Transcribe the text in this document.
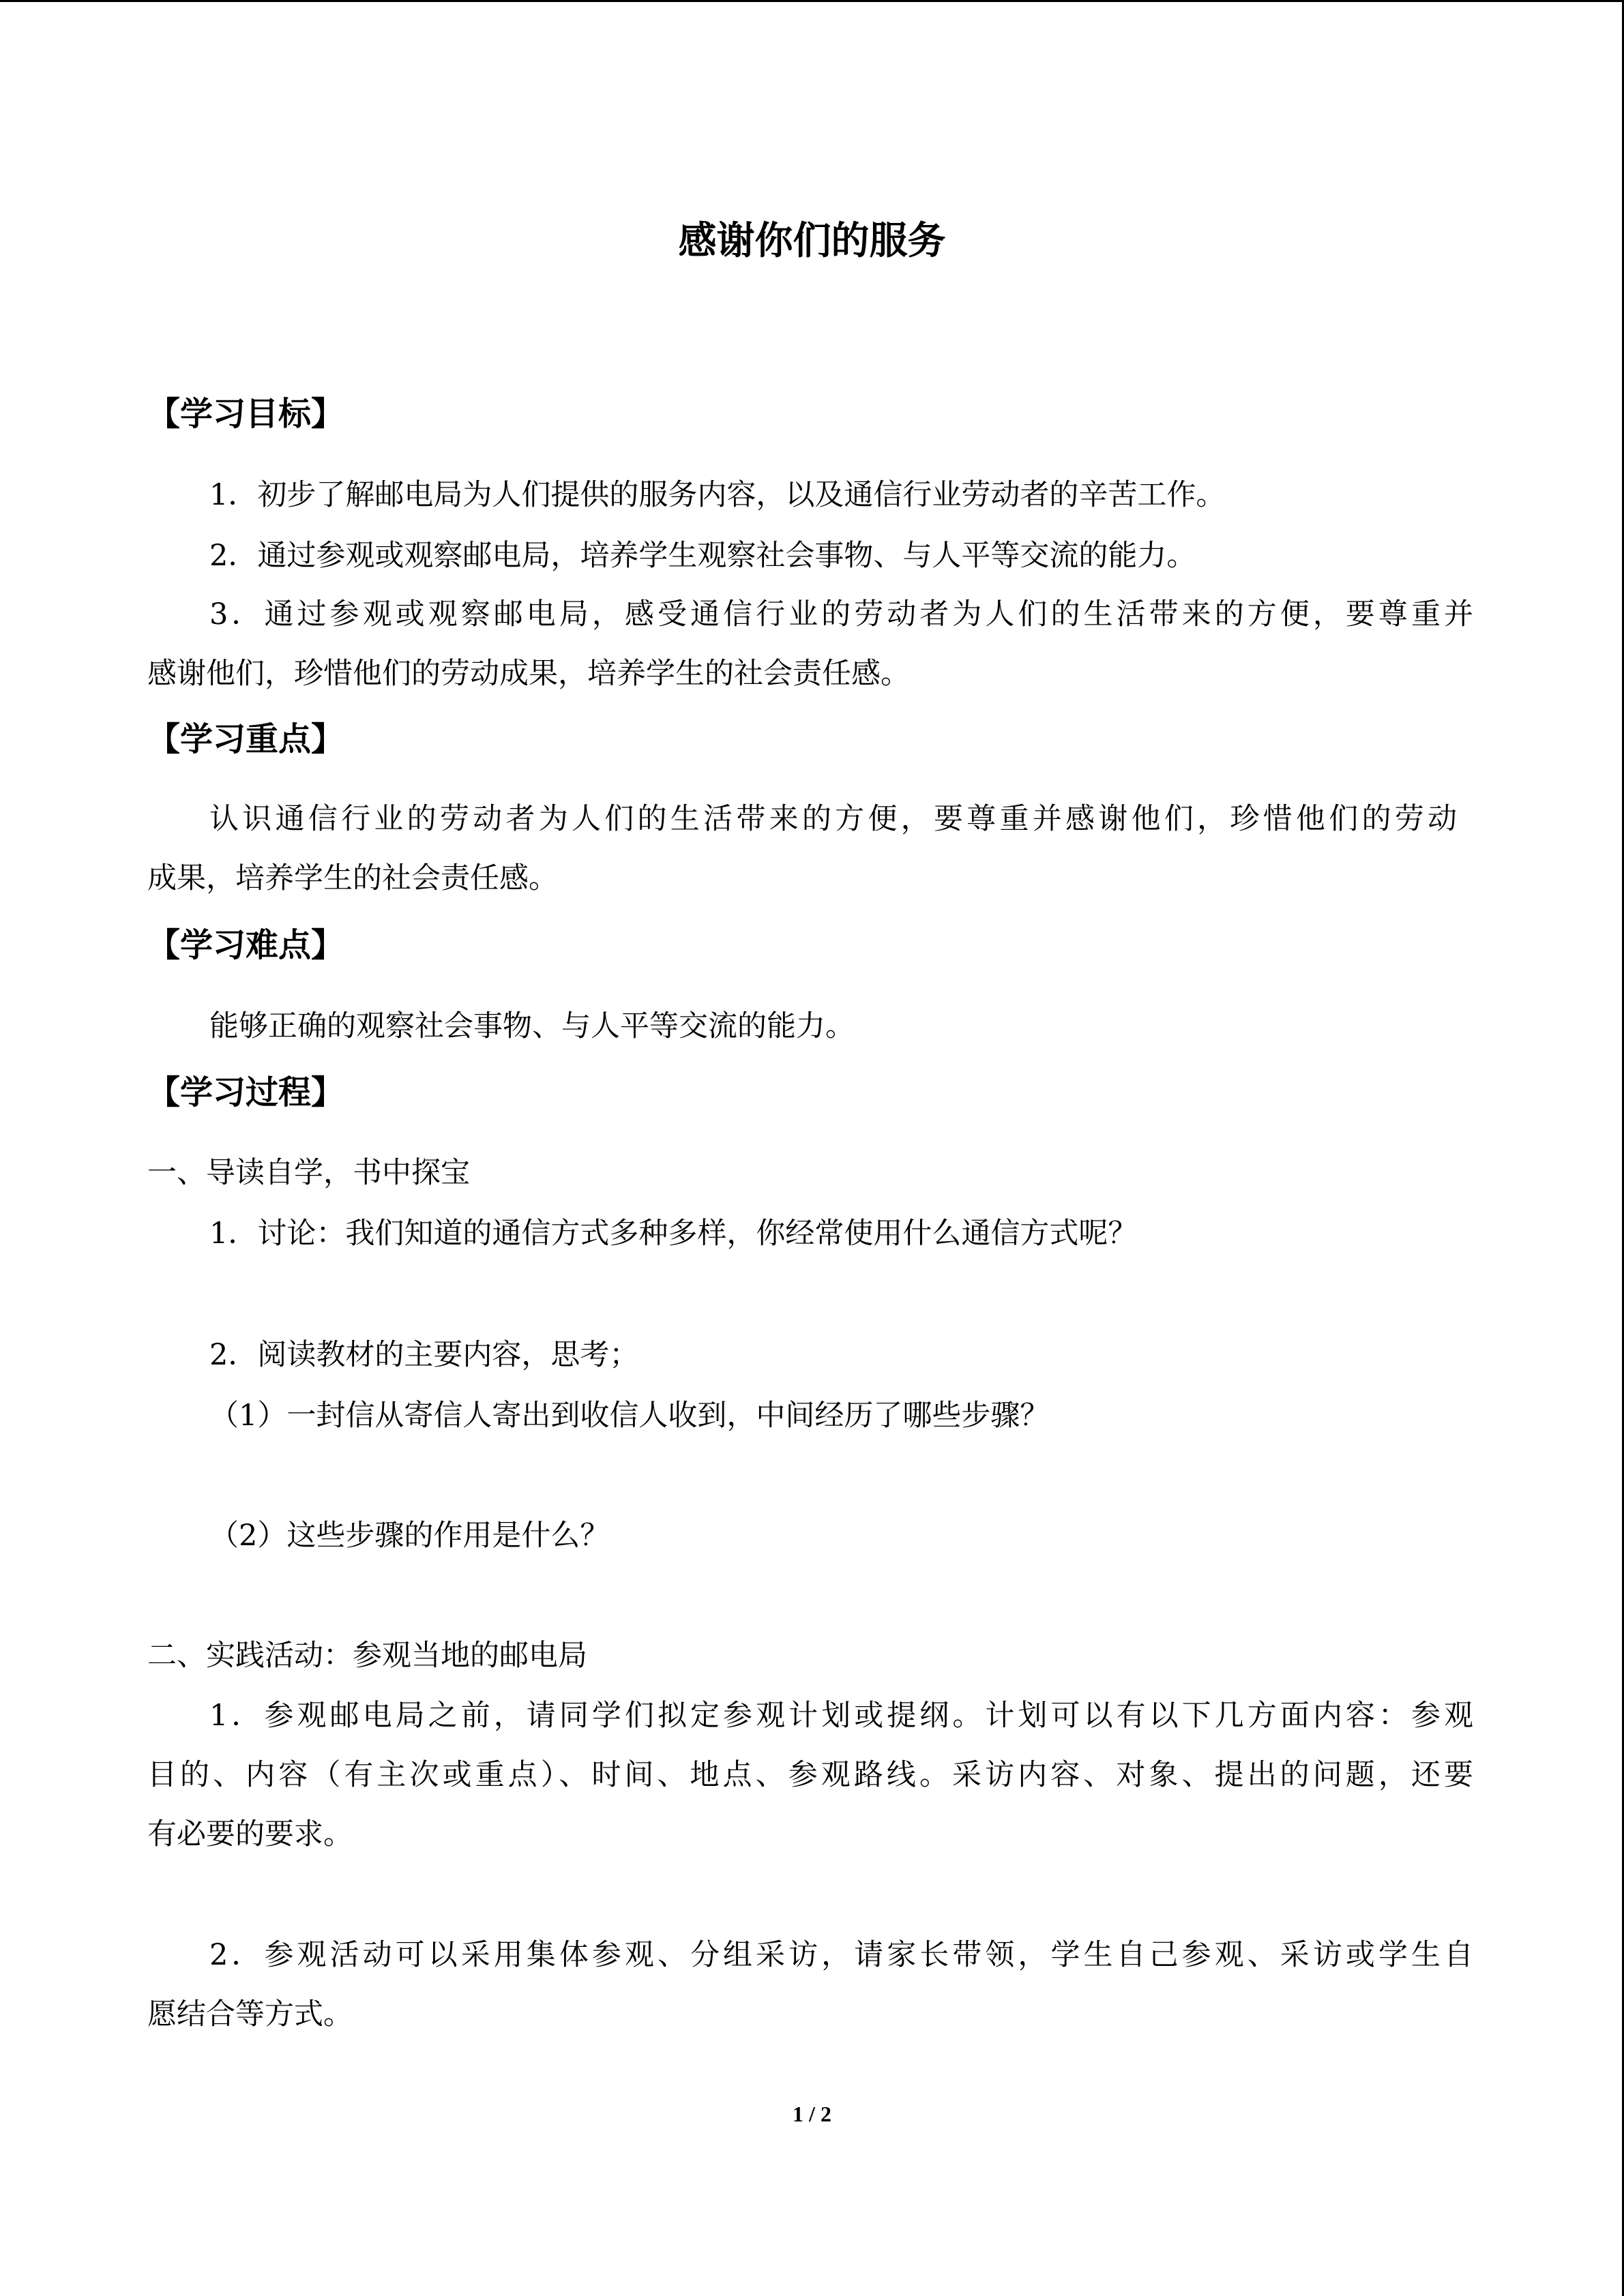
感谢你们的服务
【学习目标】
1．初步了解邮电局为人们提供的服务内容，以及通信行业劳动者的辛苦工作。
2．通过参观或观察邮电局，培养学生观察社会事物、与人平等交流的能力。
3．通过参观或观察邮电局，感受通信行业的劳动者为人们的生活带来的方便，要尊重并
感谢他们，珍惜他们的劳动成果，培养学生的社会责任感。
【学习重点】
认识通信行业的劳动者为人们的生活带来的方便，要尊重并感谢他们，珍惜他们的劳动
成果，培养学生的社会责任感。
【学习难点】
能够正确的观察社会事物、与人平等交流的能力。
【学习过程】
一、导读自学，书中探宝
1．讨论：我们知道的通信方式多种多样，你经常使用什么通信方式呢？
2．阅读教材的主要内容，思考；
（1）一封信从寄信人寄出到收信人收到，中间经历了哪些步骤？
（2）这些步骤的作用是什么？
二、实践活动：参观当地的邮电局
1．参观邮电局之前，请同学们拟定参观计划或提纲。计划可以有以下几方面内容：参观
目的、内容（有主次或重点）、时间、地点、参观路线。采访内容、对象、提出的问题，还要
有必要的要求。
2．参观活动可以采用集体参观、分组采访，请家长带领，学生自己参观、采访或学生自
愿结合等方式。
1 / 2
